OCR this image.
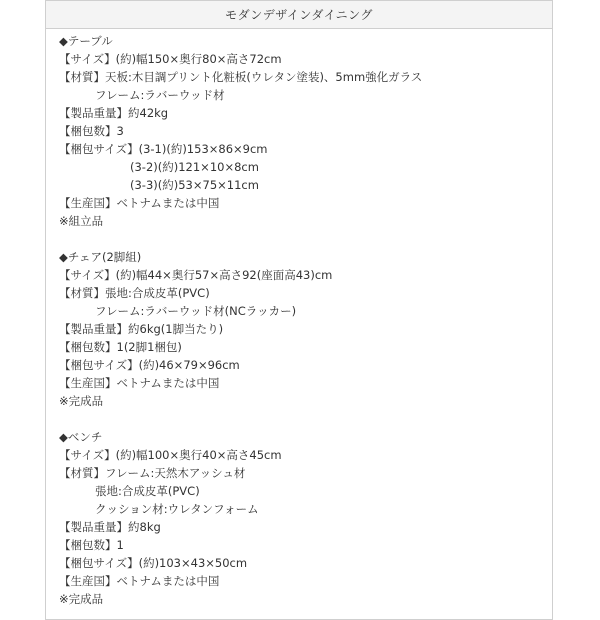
モダンデザインダイニング
◆テーブル
【サイズ】(約)幅150×奥行80×高さ72cm
【材質】天板:木目調プリント化粧板(ウレタン塗装)、5mm強化ガラス
フレーム:ラバーウッド材
【製品重量】約42kg
【梱包数】3
【梱包サイズ】(3-1)(約)153×86×9cm
(3-2)(約)121×10×8cm
(3-3)(約)53×75×11cm
【生産国】ベトナムまたは中国
※組立品
◆チェア(2脚組)
【サイズ】(約)幅44×奥行57×高さ92(座面高43)cm
【材質】張地:合成皮革(PVC)
フレーム:ラバーウッド材(NCラッカー)
【製品重量】約6kg(1脚当たり)
【梱包数】1(2脚1梱包)
【梱包サイズ】(約)46×79×96cm
【生産国】ベトナムまたは中国
※完成品
◆ベンチ
【サイズ】(約)幅100×奥行40×高さ45cm
【材質】フレーム:天然木アッシュ材
張地:合成皮革(PVC)
クッション材:ウレタンフォーム
【製品重量】約8kg
【梱包数】1
【梱包サイズ】(約)103×43×50cm
【生産国】ベトナムまたは中国
※完成品
